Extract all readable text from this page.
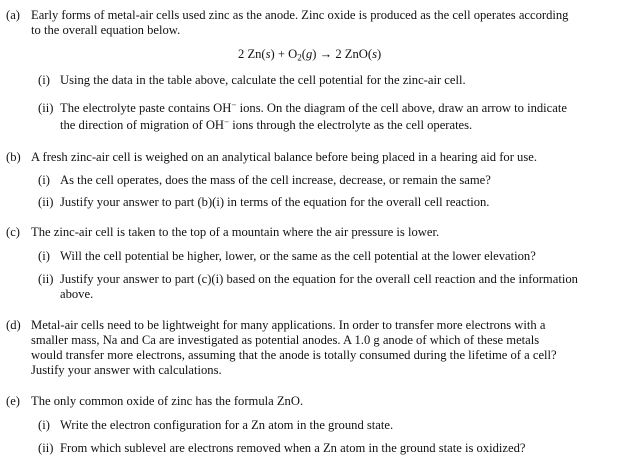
(a) Early forms of metal-air cells used zinc as the anode. Zinc oxide is produced as the cell operates according
to the overall equation below.
2 $Zn(s) + O_2(g) \to 2$ ZnO(s)
(i) Using the data in the table above, calculate the cell potential for the zinc-air cell.
(ii) The electrolyte paste contains OH− ions. On the diagram of the cell above, draw an arrow to indicate
the direction of migration of OH− ions through the electrolyte as the cell operates.
(b) A fresh zinc-air cell is weighed on an analytical balance before being placed in a hearing aid for use.
(i) As the cell operates, does the mass of the cell increase, decrease, or remain the same?
(ii) Justify your answer to part (b)(i) in terms of the equation for the overall cell reaction.
(c) The zinc-air cell is taken to the top of a mountain where the air pressure is lower.
(i) Will the cell potential be higher, lower, or the same as the cell potential at the lower elevation?
(ii) Justify your answer to part (c)(i) based on the equation for the overall cell reaction and the information
above.
(d) Metal-air cells need to be lightweight for many applications. In order to transfer more electrons with a
smaller mass, Na and Ca are investigated as potential anodes. A 1.0 g anode of which of these metals
would transfer more electrons, assuming that the anode is totally consumed during the lifetime of a cell?
Justify your answer with calculations.
(e) The only common oxide of zinc has the formula ZnO.
(i) Write the electron configuration for a Zn atom in the ground state.
(ii) From which sublevel are electrons removed when a Zn atom in the ground state is oxidized?
